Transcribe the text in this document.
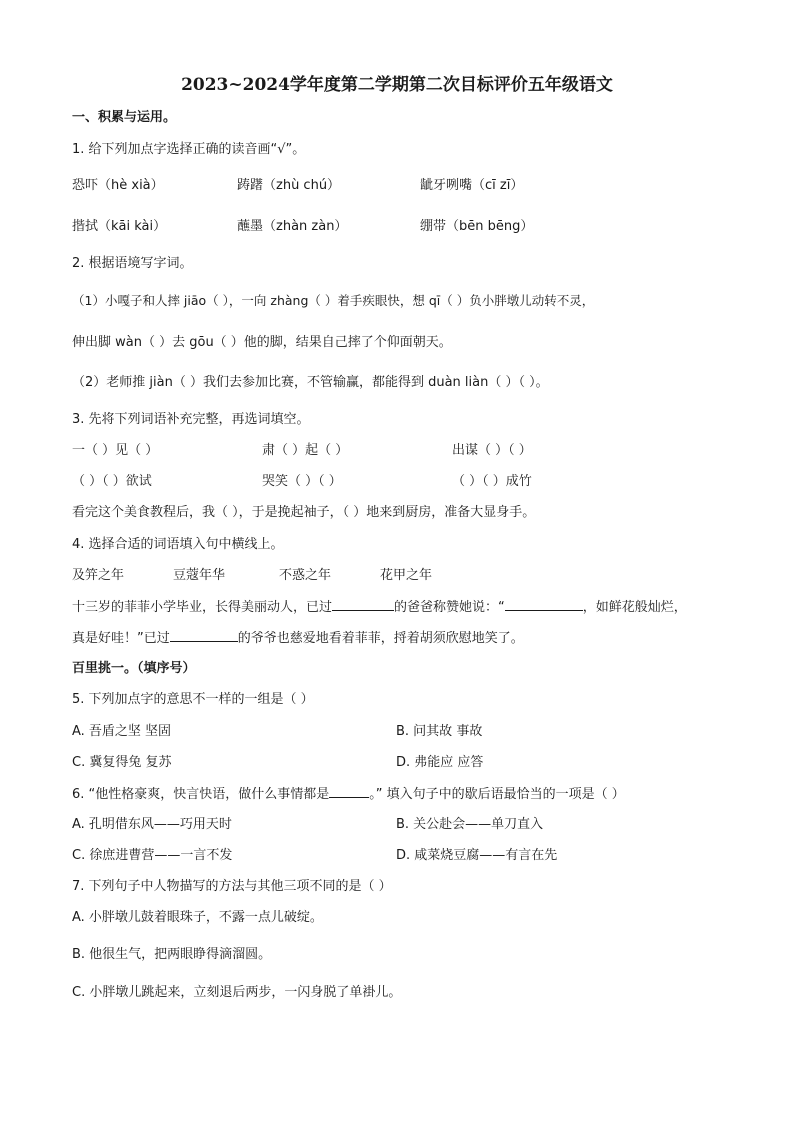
2023~2024学年度第二学期第二次目标评价五年级语文
一、积累与运用。
1. 给下列加点字选择正确的读音画“√”。
恐吓（hè xià）	踌躇（zhù chú）	龇牙咧嘴（cī zī）
揩拭（kāi kài）	蘸墨（zhàn zàn）	绷带（bēn bēng）
2. 根据语境写字词。
（1）小嘎子和人摔 jiāo（ ），一向 zhàng（ ）着手疾眼快，想 qī（ ）负小胖墩儿动转不灵，
伸出脚 wàn（ ）去 gōu（ ）他的脚，结果自己摔了个仰面朝天。
（2）老师推 jiàn（ ）我们去参加比赛，不管输赢，都能得到 duàn liàn（ ）（ ）。
3. 先将下列词语补充完整，再选词填空。
一（ ）见（ ）	肃（ ）起（ ）	出谋（ ）（ ）
（ ）（ ）欲试	哭笑（ ）（ ）	（ ）（ ）成竹
看完这个美食教程后，我（ ），于是挽起袖子，（ ）地来到厨房，准备大显身手。
4. 选择合适的词语填入句中横线上。
及笄之年	豆蔻年华	不惑之年	花甲之年
十三岁的菲菲小学毕业，长得美丽动人，已过	的爸爸称赞她说：“	，如鲜花般灿烂，
真是好哇！”已过	的爷爷也慈爱地看着菲菲，捋着胡须欣慰地笑了。
百里挑一。（填序号）
5. 下列加点字的意思不一样的一组是（ ）
A. 吾盾之坚 坚固	B. 问其故 事故
C. 冀复得兔 复苏	D. 弗能应 应答
6. “他性格豪爽，快言快语，做什么事情都是	。” 填入句子中的歇后语最恰当的一项是（ ）
A. 孔明借东风——巧用天时	B. 关公赴会——单刀直入
C. 徐庶进曹营——一言不发	D. 咸菜烧豆腐——有言在先
7. 下列句子中人物描写的方法与其他三项不同的是（ ）
A. 小胖墩儿鼓着眼珠子，不露一点儿破绽。
B. 他很生气，把两眼睁得滴溜圆。
C. 小胖墩儿跳起来，立刻退后两步，一闪身脱了单褂儿。
